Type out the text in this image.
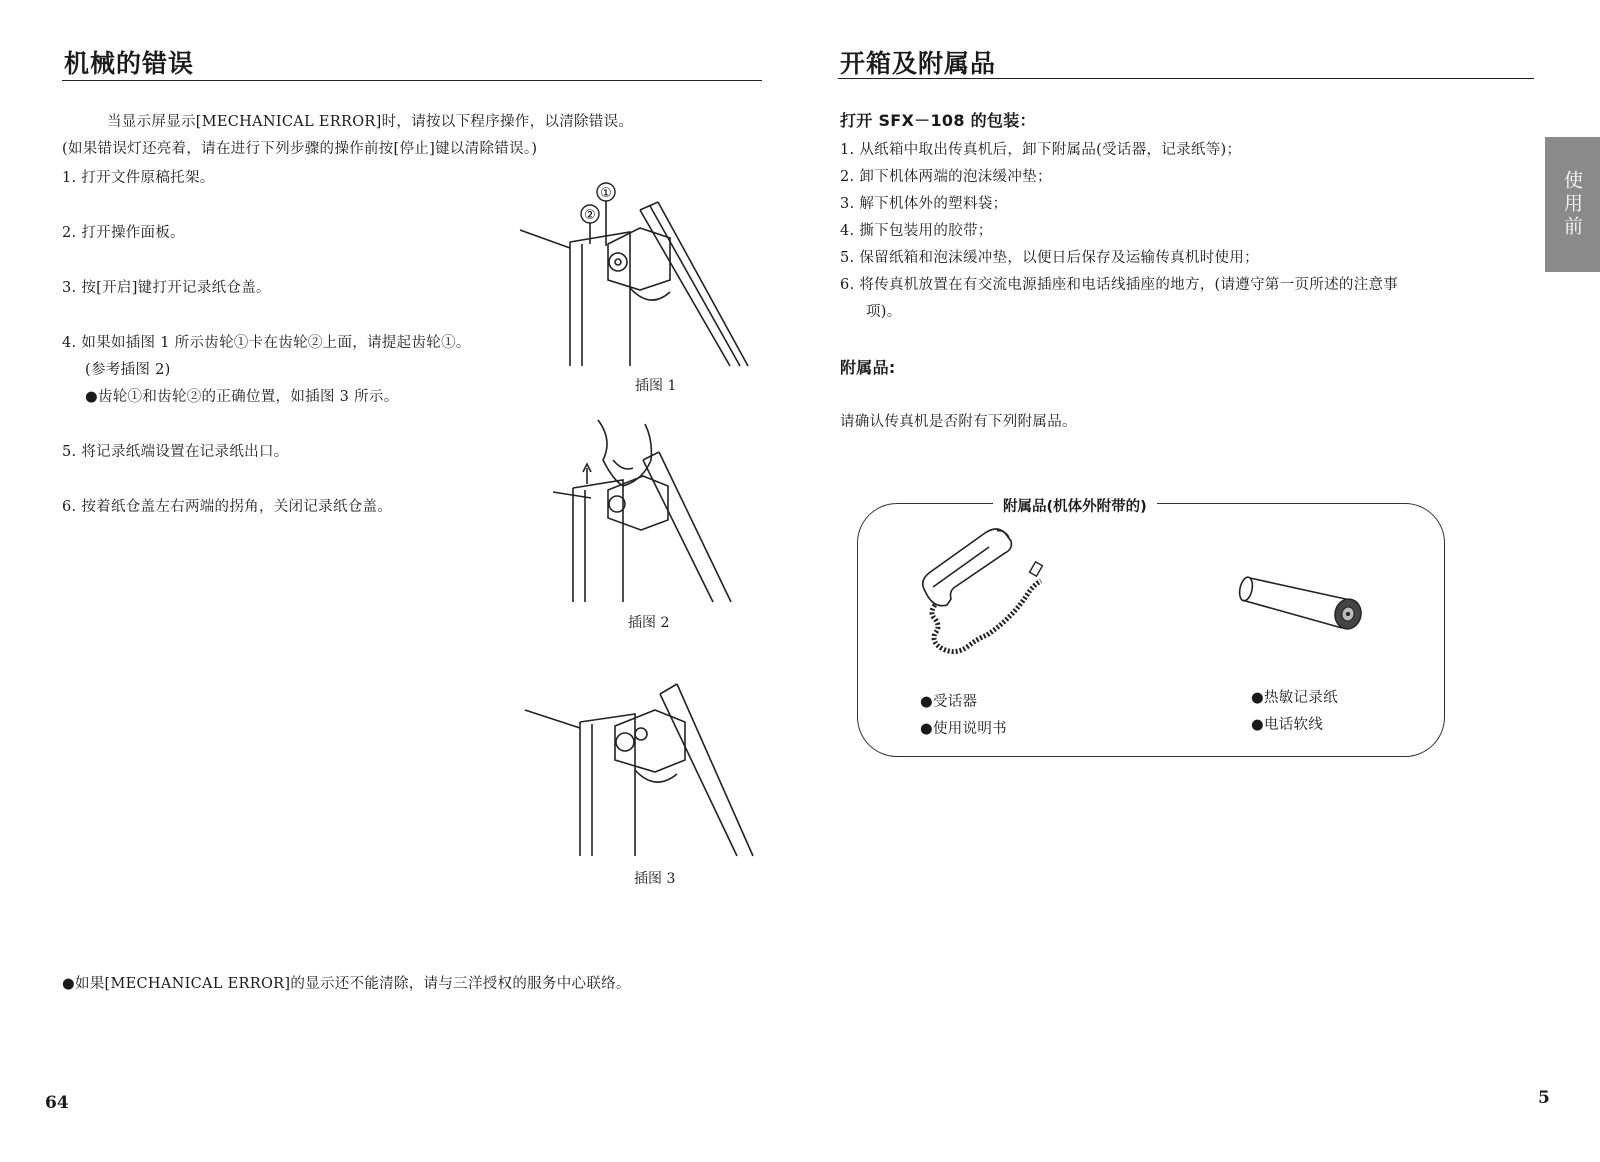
机械的错误
当显示屏显示[MECHANICAL ERROR]时，请按以下程序操作，以清除错误。
(如果错误灯还亮着，请在进行下列步骤的操作前按[停止]键以清除错误。)
1. 打开文件原稿托架。
2. 打开操作面板。
3. 按[开启]键打开记录纸仓盖。
4. 如果如插图 1 所示齿轮①卡在齿轮②上面，请提起齿轮①。
(参考插图 2)
●齿轮①和齿轮②的正确位置，如插图 3 所示。
5. 将记录纸端设置在记录纸出口。
6. 按着纸仓盖左右两端的拐角，关闭记录纸仓盖。
①
②
插图 1
插图 2
插图 3
●如果[MECHANICAL ERROR]的显示还不能清除，请与三洋授权的服务中心联络。
64
开箱及附属品
打开 SFX－108 的包装：
1. 从纸箱中取出传真机后，卸下附属品(受话器，记录纸等)；
2. 卸下机体两端的泡沫缓冲垫；
3. 解下机体外的塑料袋；
4. 撕下包装用的胶带；
5. 保留纸箱和泡沫缓冲垫，以便日后保存及运输传真机时使用；
6. 将传真机放置在有交流电源插座和电话线插座的地方，(请遵守第一页所述的注意事
项)。
附属品:
请确认传真机是否附有下列附属品。
附属品(机体外附带的)
●受话器
●使用说明书
●热敏记录纸
●电话软线
使用前
5
